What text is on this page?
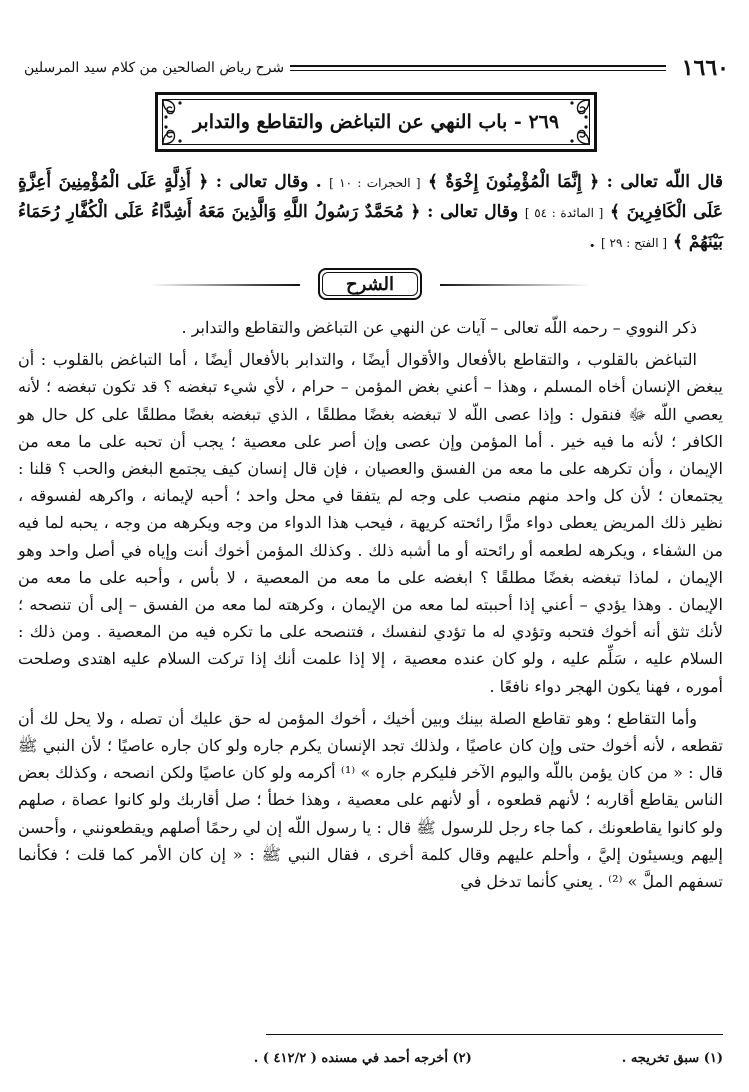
١٦٦٠
شرح رياض الصالحين من كلام سيد المرسلين
٢٦٩ - باب النهي عن التباغض والتقاطع والتدابر
قال اللّه تعالى : ﴿ إِنَّمَا الْمُؤْمِنُونَ إِخْوَةٌ ﴾ [ الحجرات : ١٠ ] . وقال تعالى : ﴿ أَذِلَّةٍ عَلَى الْمُؤْمِنِينَ أَعِزَّةٍ عَلَى الْكَافِرِينَ ﴾ [ المائدة : ٥٤ ] وقال تعالى : ﴿ مُحَمَّدٌ رَسُولُ اللَّهِ وَالَّذِينَ مَعَهُ أَشِدَّاءُ عَلَى الْكُفَّارِ رُحَمَاءُ بَيْنَهُمْ ﴾ [ الفتح : ٢٩ ] .
الشرح

ذكر النووي – رحمه اللّه تعالى – آيات عن النهي عن التباغض والتقاطع والتدابر .

التباغض بالقلوب ، والتقاطع بالأفعال والأقوال أيضًا ، والتدابر بالأفعال أيضًا ، أما التباغض بالقلوب : أن يبغض الإنسان أخاه المسلم ، وهذا – أعني بغض المؤمن – حرام ، لأي شيء تبغضه ؟ قد تكون تبغضه ؛ لأنه يعصي اللّه ﷻ فنقول : وإذا عصى اللّه لا تبغضه بغضًا مطلقًا ، الذي تبغضه بغضًا مطلقًا على كل حال هو الكافر ؛ لأنه ما فيه خير . أما المؤمن وإن عصى وإن أصر على معصية ؛ يجب أن تحبه على ما معه من الإيمان ، وأن تكرهه على ما معه من الفسق والعصيان ، فإن قال إنسان كيف يجتمع البغض والحب ؟ قلنا : يجتمعان ؛ لأن كل واحد منهم منصب على وجه لم يتفقا في محل واحد ؛ أحبه لإيمانه ، واكرهه لفسوقه ، نظير ذلك المريض يعطى دواء مرًّا رائحته كريهة ، فيحب هذا الدواء من وجه ويكرهه من وجه ، يحبه لما فيه من الشفاء ، ويكرهه لطعمه أو رائحته أو ما أشبه ذلك . وكذلك المؤمن أخوك أنت وإياه في أصل واحد وهو الإيمان ، لماذا تبغضه بغضًا مطلقًا ؟ ابغضه على ما معه من المعصية ، لا بأس ، وأحبه على ما معه من الإيمان . وهذا يؤدي – أعني إذا أحببته لما معه من الإيمان ، وكرهته لما معه من الفسق – إلى أن تنصحه ؛ لأنك تثق أنه أخوك فتحبه وتؤدي له ما تؤدي لنفسك ، فتنصحه على ما تكره فيه من المعصية . ومن ذلك : السلام عليه ، سَلِّم عليه ، ولو كان عنده معصية ، إلا إذا علمت أنك إذا تركت السلام عليه اهتدى وصلحت أموره ، فهنا يكون الهجر دواء نافعًا .

وأما التقاطع ؛ وهو تقاطع الصلة بينك وبين أخيك ، أخوك المؤمن له حق عليك أن تصله ، ولا يحل لك أن تقطعه ، لأنه أخوك حتى وإن كان عاصيًا ، ولذلك تجد الإنسان يكرم جاره ولو كان جاره عاصيًا ؛ لأن النبي ﷺ قال : « من كان يؤمن باللّه واليوم الآخر فليكرم جاره » ⁽¹⁾ أكرمه ولو كان عاصيًا ولكن انصحه ، وكذلك بعض الناس يقاطع أقاربه ؛ لأنهم قطعوه ، أو لأنهم على معصية ، وهذا خطأ ؛ صل أقاربك ولو كانوا عصاة ، صلهم ولو كانوا يقاطعونك ، كما جاء رجل للرسول ﷺ قال : يا رسول اللّه إن لي رحمًا أصلهم ويقطعونني ، وأحسن إليهم ويسيئون إليَّ ، وأحلم عليهم وقال كلمة أخرى ، فقال النبي ﷺ : « إن كان الأمر كما قلت ؛ فكأنما تسفهم الملَّ » ⁽²⁾ . يعني كأنما تدخل في

(١) سبق تخريجه .
(٢) أخرجه أحمد في مسنده ( ٤١٢/٢ ) .
